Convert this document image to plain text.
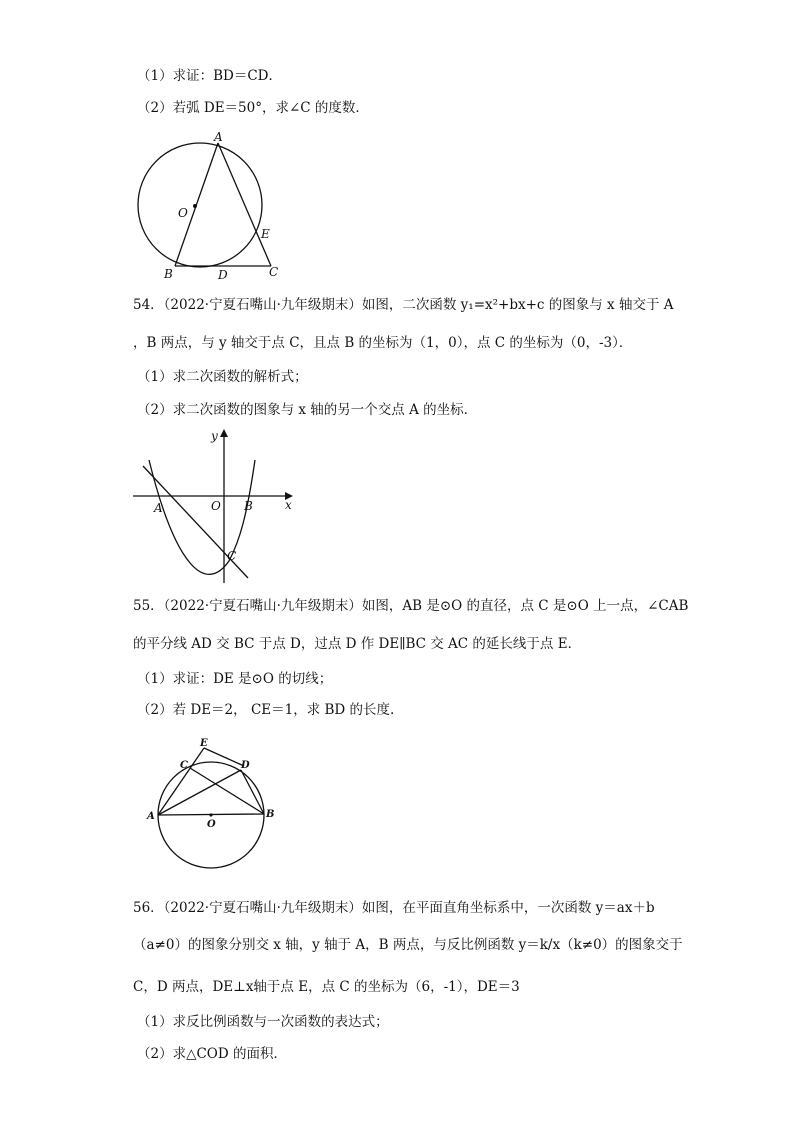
（1）求证：BD＝CD．
（2）若弧 DE＝50°，求∠C 的度数．
A
O
E
B	D	C
54．（2022·宁夏石嘴山·九年级期末）如图，二次函数 y₁=x²+bx+c 的图象与 x 轴交于 A
，B 两点，与 y 轴交于点 C，且点 B 的坐标为（1，0），点 C 的坐标为（0，-3）．
（1）求二次函数的解析式；
（2）求二次函数的图象与 x 轴的另一个交点 A 的坐标．
y
x
A	O B
C
55．（2022·宁夏石嘴山·九年级期末）如图，AB 是⊙O 的直径，点 C 是⊙O 上一点，∠CAB
的平分线 AD 交 BC 于点 D，过点 D 作 DE∥BC 交 AC 的延长线于点 E．
（1）求证：DE 是⊙O 的切线；
（2）若 DE＝2， CE＝1，求 BD 的长度.
E
C	D
A
O
B
56．（2022·宁夏石嘴山·九年级期末）如图，在平面直角坐标系中，一次函数 y＝ax＋b
（a≠0）的图象分别交 x 轴，y 轴于 A，B 两点，与反比例函数 y＝k/x（k≠0）的图象交于
C，D 两点，DE⊥x轴于点 E，点 C 的坐标为（6，-1），DE＝3
（1）求反比例函数与一次函数的表达式；
（2）求△COD 的面积．
